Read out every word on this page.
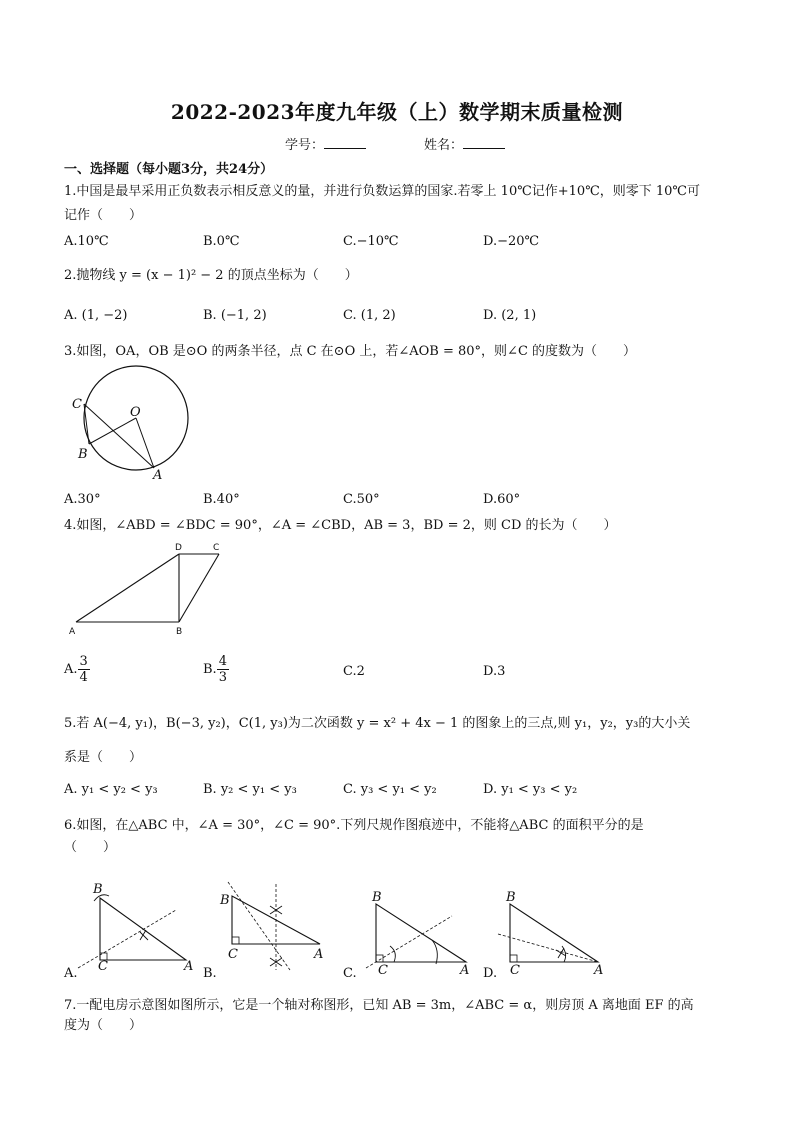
2022-2023年度九年级（上）数学期末质量检测
学号：	姓名：
一、选择题（每小题3分，共24分）
1.中国是最早采用正负数表示相反意义的量，并进行负数运算的国家.若零上 10℃记作+10℃，则零下 10℃可
记作（　　）
A.10℃	B.0℃	C.−10℃	D.−20℃
2.抛物线 y = (x − 1)² − 2 的顶点坐标为（　　）
A. (1, −2)	B. (−1, 2)	C. (1, 2)	D. (2, 1)
3.如图，OA，OB 是⊙O 的两条半径，点 C 在⊙O 上，若∠AOB = 80°，则∠C 的度数为（　　）
C
O
B
A
A.30°	B.40°	C.50°	D.60°
4.如图，∠ABD = ∠BDC = 90°，∠A = ∠CBD，AB = 3，BD = 2，则 CD 的长为（　　）
D	C
A	B
A. $\frac{3}{4}$	B. $\frac{4}{3}$	C.2	D.3
5.若 A(−4, y₁)，B(−3, y₂)，C(1, y₃)为二次函数 y = x² + 4x − 1 的图象上的三点,则 y₁，y₂，y₃的大小关
系是（　　）
A. y₁ < y₂ < y₃	B. y₂ < y₁ < y₃	C. y₃ < y₁ < y₂	D. y₁ < y₃ < y₂
6.如图，在△ABC 中，∠A = 30°，∠C = 90°.下列尺规作图痕迹中，不能将△ABC 的面积平分的是
（　　）
B
C	A
B
C	A
B
C	A
B
C	A
A.	B.	C.	D.
7.一配电房示意图如图所示，它是一个轴对称图形，已知 AB = 3m，∠ABC = α，则房顶 A 离地面 EF 的高
度为（　　）
